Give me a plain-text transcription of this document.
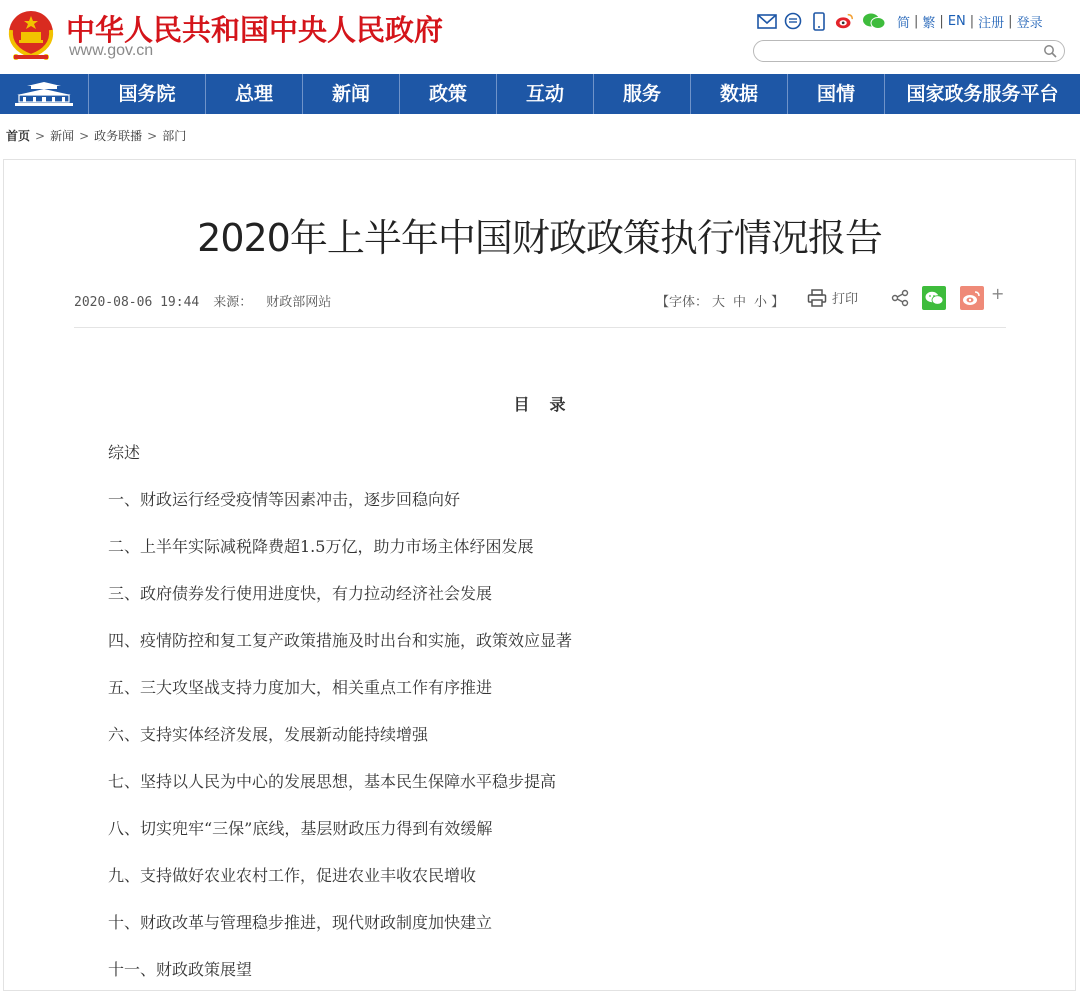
中华人民共和国中央人民政府
www.gov.cn
简 | 繁 | EN | 注册 | 登录
国务院	总理	新闻	政策	互动	服务	数据	国情	国家政务服务平台
首页 > 新闻 > 政务联播 > 部门
2020年上半年中国财政政策执行情况报告
2020-08-06 19:44 来源： 财政部网站	【字体： 大 中 小 】	打印	+
目录
综述
一、财政运行经受疫情等因素冲击，逐步回稳向好
二、上半年实际减税降费超1.5万亿，助力市场主体纾困发展
三、政府债券发行使用进度快，有力拉动经济社会发展
四、疫情防控和复工复产政策措施及时出台和实施，政策效应显著
五、三大攻坚战支持力度加大，相关重点工作有序推进
六、支持实体经济发展，发展新动能持续增强
七、坚持以人民为中心的发展思想，基本民生保障水平稳步提高
八、切实兜牢“三保”底线，基层财政压力得到有效缓解
九、支持做好农业农村工作，促进农业丰收农民增收
十、财政改革与管理稳步推进，现代财政制度加快建立
十一、财政政策展望
